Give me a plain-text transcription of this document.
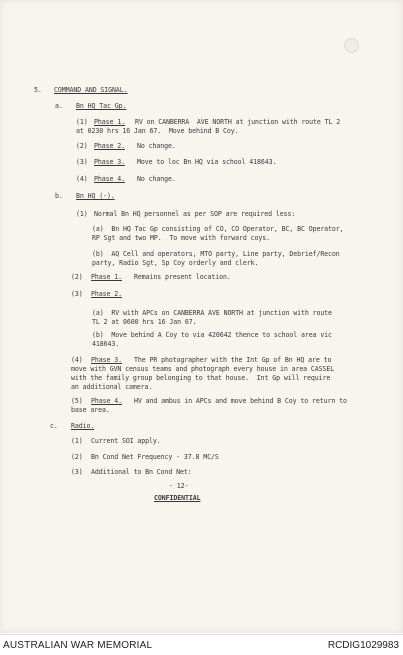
5. COMMAND AND SIGNAL.
a. Bn HQ Tac Gp.
(1) Phase 1. RV on CANBERRA  AVE NORTH at junction with route TL 2
at 0230 hrs 16 Jan 67.  Move behind B Coy.
(2) Phase 2. No change.
(3) Phase 3. Move to loc Bn HQ via school 418643.
(4) Phase 4. No change.
b. Bn HQ (-).
(1) Normal Bn HQ personnel as per SOP are required less:
(a)  Bn HQ Tac Gp consisting of CO, CO Operator, BC, BC Operator,
RP Sgt and two MP.  To move with forward coys.
(b)  AQ Cell and operators, MTO party, Line party, Debrief/Recon
party, Radio Sgt, Sp Coy orderly and clerk.
(2) Phase 1. Remains present location.
(3) Phase 2.
(a)  RV with APCs on CANBERRA AVE NORTH at junction with route
TL 2 at 0600 hrs 16 Jan 67.
(b)  Move behind A Coy to via 420642 thence to school area vic
418643.
(4) Phase 3. The PR photographer with the Int Gp of Bn HQ are to
move with GVN census teams and photograph every house in area CASSEL
with the family group belonging to that house.  Int Gp will require
an additional camera.
(5) Phase 4. HV and ambus in APCs and move behind B Coy to return to
base area.
c. Radio.
(1) Current SOI apply.
(2) Bn Cond Net Frequency - 37.8 MC/S
(3) Additional to Bn Cond Net:
- 12-
CONFIDENTIAL
AUSTRALIAN WAR MEMORIAL	RCDIG1029983
